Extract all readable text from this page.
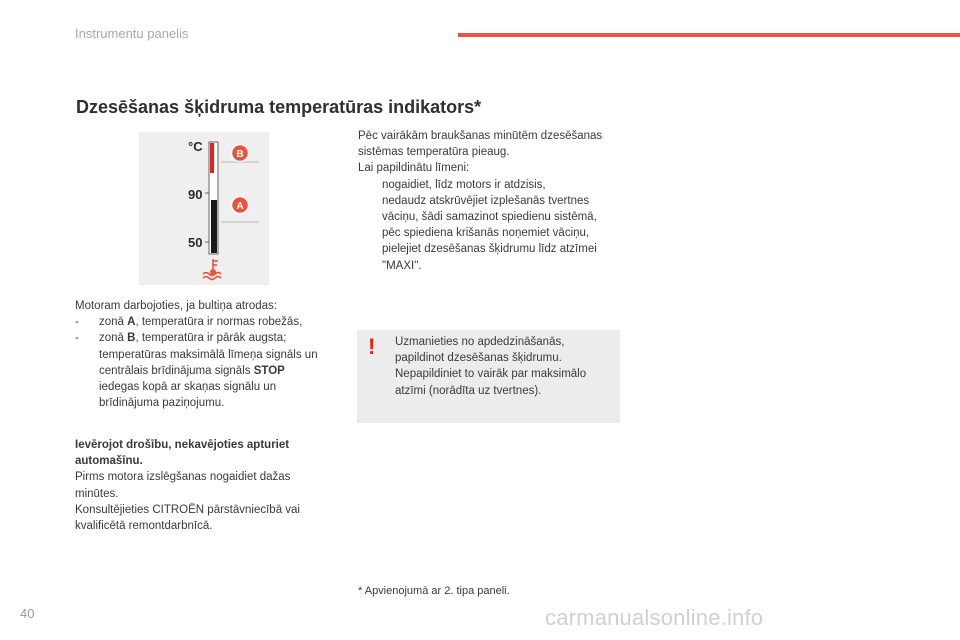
Instrumentu panelis
Dzesēšanas šķidruma temperatūras indikators*
°C
90
50
B
A

Motoram darbojoties, ja bultiņa atrodas:

- zonā A, temperatūra ir normas robežās,

- zonā B, temperatūra ir pārāk augsta; temperatūras maksimālā līmeņa signāls un centrālais brīdinājuma signāls STOP iedegas kopā ar skaņas signālu un brīdinājuma paziņojumu.

Ievērojot drošību, nekavējoties apturiet automašīnu.

Pirms motora izslēgšanas nogaidiet dažas minūtes.

Konsultējieties CITROËN pārstāvniecībā vai kvalificētā remontdarbnīcā.

Pēc vairākām braukšanas minūtēm dzesēšanas sistēmas temperatūra pieaug.

Lai papildinātu līmeni:

nogaidiet, līdz motors ir atdzisis,

nedaudz atskrūvējiet izplešanās tvertnes vāciņu, šādi samazinot spiedienu sistēmā,

pēc spiediena krišanās noņemiet vāciņu,

pielejiet dzesēšanas šķidrumu līdz atzīmei "MAXI".

!	Uzmanieties no apdedzināšanās, papildinot dzesēšanas šķidrumu. Nepapildiniet to vairāk par maksimālo atzīmi (norādīta uz tvertnes).
* Apvienojumā ar 2. tipa paneli.
40	carmanualsonline.info
